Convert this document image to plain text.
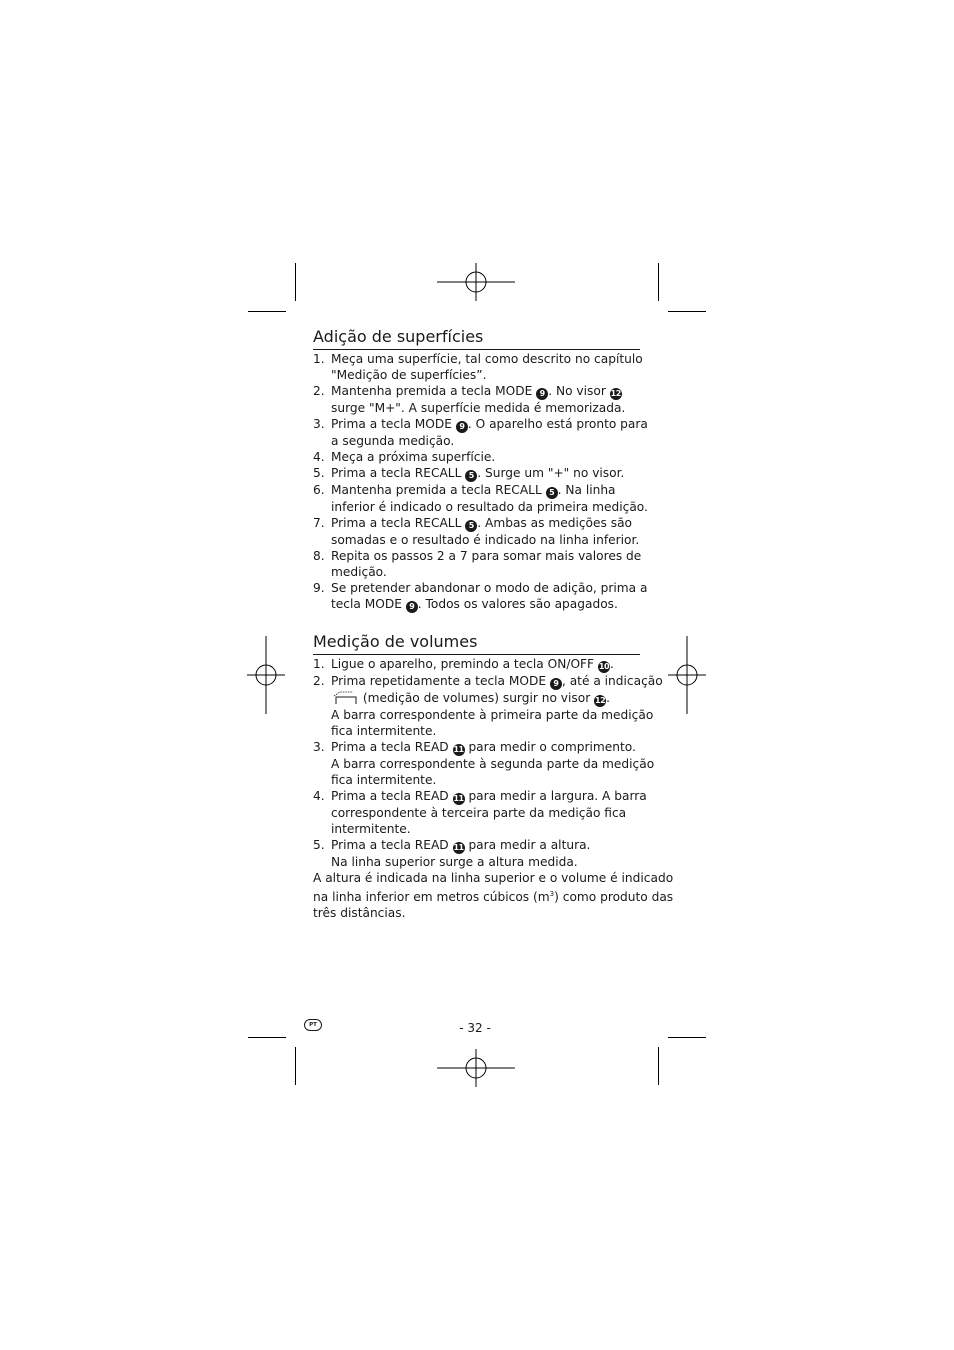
Adição de superfícies
1. Meça uma superfície, tal como descrito no capítulo
"Medição de superfícies”.
2. Mantenha premida a tecla MODE 9 . No visor 12
surge "M+". A superfície medida é memorizada.
3. Prima a tecla MODE 9 . O aparelho está pronto para
a segunda medição.
4. Meça a próxima superfície.
5. Prima a tecla RECALL 5 . Surge um "+" no visor.
6. Mantenha premida a tecla RECALL 5 . Na linha
inferior é indicado o resultado da primeira medição.
7. Prima a tecla RECALL 5 . Ambas as medições são
somadas e o resultado é indicado na linha inferior.
8. Repita os passos 2 a 7 para somar mais valores de
medição.
9. Se pretender abandonar o modo de adição, prima a
tecla MODE 9 . Todos os valores são apagados.
Medição de volumes
1. Ligue o aparelho, premindo a tecla ON/OFF 10.
2. Prima repetidamente a tecla MODE 9 , até a indicação
(medição de volumes) surgir no visor 12.
A barra correspondente à primeira parte da medição
fica intermitente.
3. Prima a tecla READ 11 para medir o comprimento.
A barra correspondente à segunda parte da medição
fica intermitente.
4. Prima a tecla READ 11 para medir a largura. A barra
correspondente à terceira parte da medição fica
intermitente.
5. Prima a tecla READ 11 para medir a altura.
Na linha superior surge a altura medida.
A altura é indicada na linha superior e o volume é indicado
na linha inferior em metros cúbicos $(m^3)$ como produto das
três distâncias.
PT	- 32 -
